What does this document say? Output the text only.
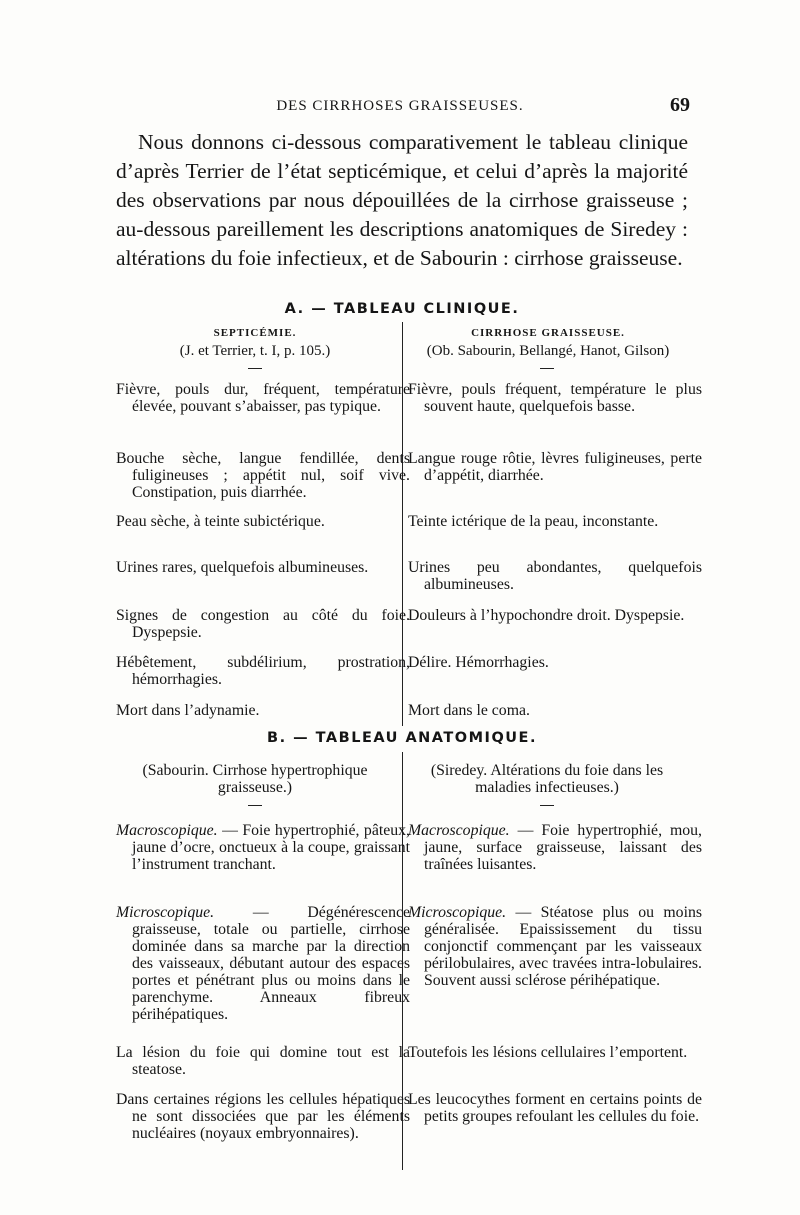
DES CIRRHOSES GRAISSEUSES.	69

Nous donnons ci-dessous comparativement le tableau clinique d’après Terrier de l’état septicémique, et celui d’après la majorité des observations par nous dépouillées de la cirrhose graisseuse ; au-dessous pareillement les descriptions anatomiques de Siredey : altérations du foie infectieux, et de Sabourin : cirrhose graisseuse.

A. — TABLEAU CLINIQUE.
SEPTICÉMIE.
(J. et Terrier, t. I, p. 105.)
CIRRHOSE GRAISSEUSE.
(Ob. Sabourin, Bellangé, Hanot, Gilson)

Fièvre, pouls dur, fréquent, température élevée, pouvant s’abaisser, pas typique.

Bouche sèche, langue fendillée, dents fuligineuses ; appétit nul, soif vive. Constipation, puis diarrhée.

Peau sèche, à teinte subictérique.

Urines rares, quelquefois albumineuses.

Signes de congestion au côté du foie. Dyspepsie.

Hébêtement, subdélirium, prostration, hémorrhagies.

Mort dans l’adynamie.

Fièvre, pouls fréquent, température le plus souvent haute, quelquefois basse.

Langue rouge rôtie, lèvres fuligineuses, perte d’appétit, diarrhée.

Teinte ictérique de la peau, inconstante.

Urines peu abondantes, quelquefois albumineuses.

Douleurs à l’hypochondre droit. Dyspepsie.

Délire. Hémorrhagies.

Mort dans le coma.

B. — TABLEAU ANATOMIQUE.

(Sabourin. Cirrhose hypertrophique graisseuse.)

(Siredey. Altérations du foie dans les maladies infectieuses.)

Macroscopique. — Foie hypertrophié, pâteux, jaune d’ocre, onctueux à la coupe, graissant l’instrument tranchant.

Microscopique. — Dégénérescence graisseuse, totale ou partielle, cirrhose dominée dans sa marche par la direction des vaisseaux, débutant autour des espaces portes et pénétrant plus ou moins dans le parenchyme. Anneaux fibreux périhépatiques.

La lésion du foie qui domine tout est la steatose.

Dans certaines régions les cellules hépatiques ne sont dissociées que par les éléments nucléaires (noyaux embryonnaires).

Macroscopique. — Foie hypertrophié, mou, jaune, surface graisseuse, laissant des traînées luisantes.

Microscopique. — Stéatose plus ou moins généralisée. Epaississement du tissu conjonctif commençant par les vaisseaux périlobulaires, avec travées intra-lobulaires. Souvent aussi sclérose périhépatique.

Toutefois les lésions cellulaires l’emportent.

Les leucocythes forment en certains points de petits groupes refoulant les cellules du foie.
